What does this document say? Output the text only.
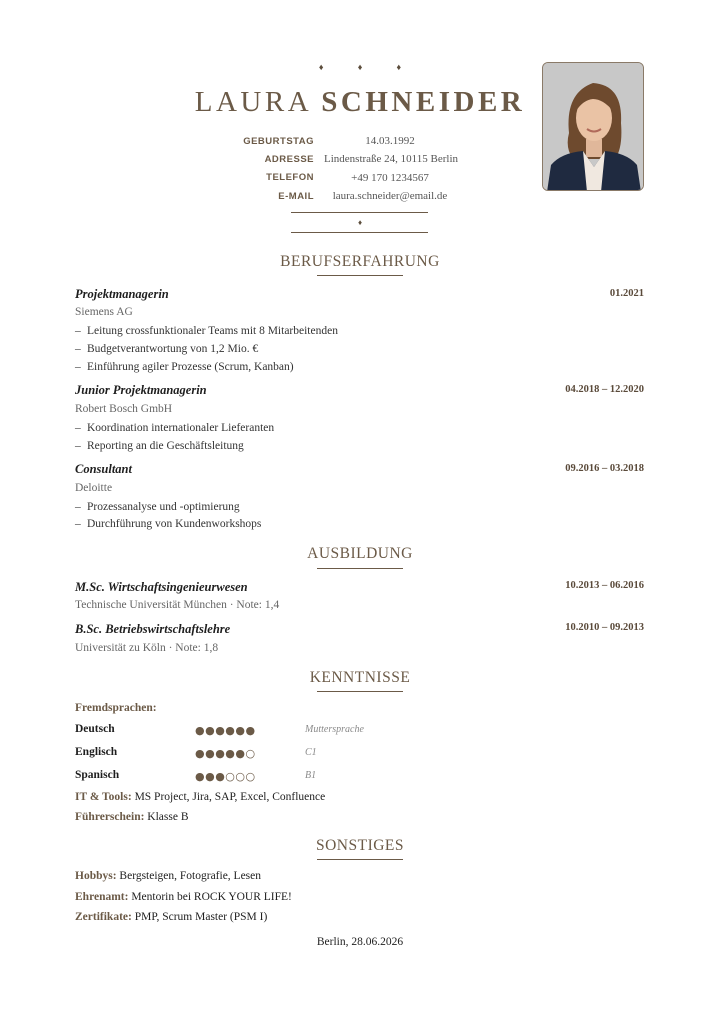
♦ ♦ ♦
LAURA SCHNEIDER
GEBURTSTAG	14.03.1992
ADRESSE Lindenstraße 24, 10115 Berlin
TELEFON	+49 170 1234567
E-MAIL	laura.schneider@email.de
♦
BERUFSERFAHRUNG
Projektmanagerin	01.2021
Siemens AG
– Leitung crossfunktionaler Teams mit 8 Mitarbeitenden
– Budgetverantwortung von 1,2 Mio. €
– Einführung agiler Prozesse (Scrum, Kanban)
Junior Projektmanagerin	04.2018 – 12.2020
Robert Bosch GmbH
– Koordination internationaler Lieferanten
– Reporting an die Geschäftsleitung
Consultant	09.2016 – 03.2018
Deloitte
– Prozessanalyse und -optimierung
– Durchführung von Kundenworkshops
AUSBILDUNG
M.Sc. Wirtschaftsingenieurwesen	10.2013 – 06.2016
Technische Universität München · Note: 1,4
B.Sc. Betriebswirtschaftslehre	10.2010 – 09.2013
Universität zu Köln · Note: 1,8
KENNTNISSE
Fremdsprachen:
Deutsch	●●●●●●	Muttersprache
Englisch	●●●●●○	C1
Spanisch	●●●○○○	B1
IT & Tools: MS Project, Jira, SAP, Excel, Confluence
Führerschein: Klasse B
SONSTIGES
Hobbys: Bergsteigen, Fotografie, Lesen
Ehrenamt: Mentorin bei ROCK YOUR LIFE!
Zertifikate: PMP, Scrum Master (PSM I)
Berlin, 28.06.2026
